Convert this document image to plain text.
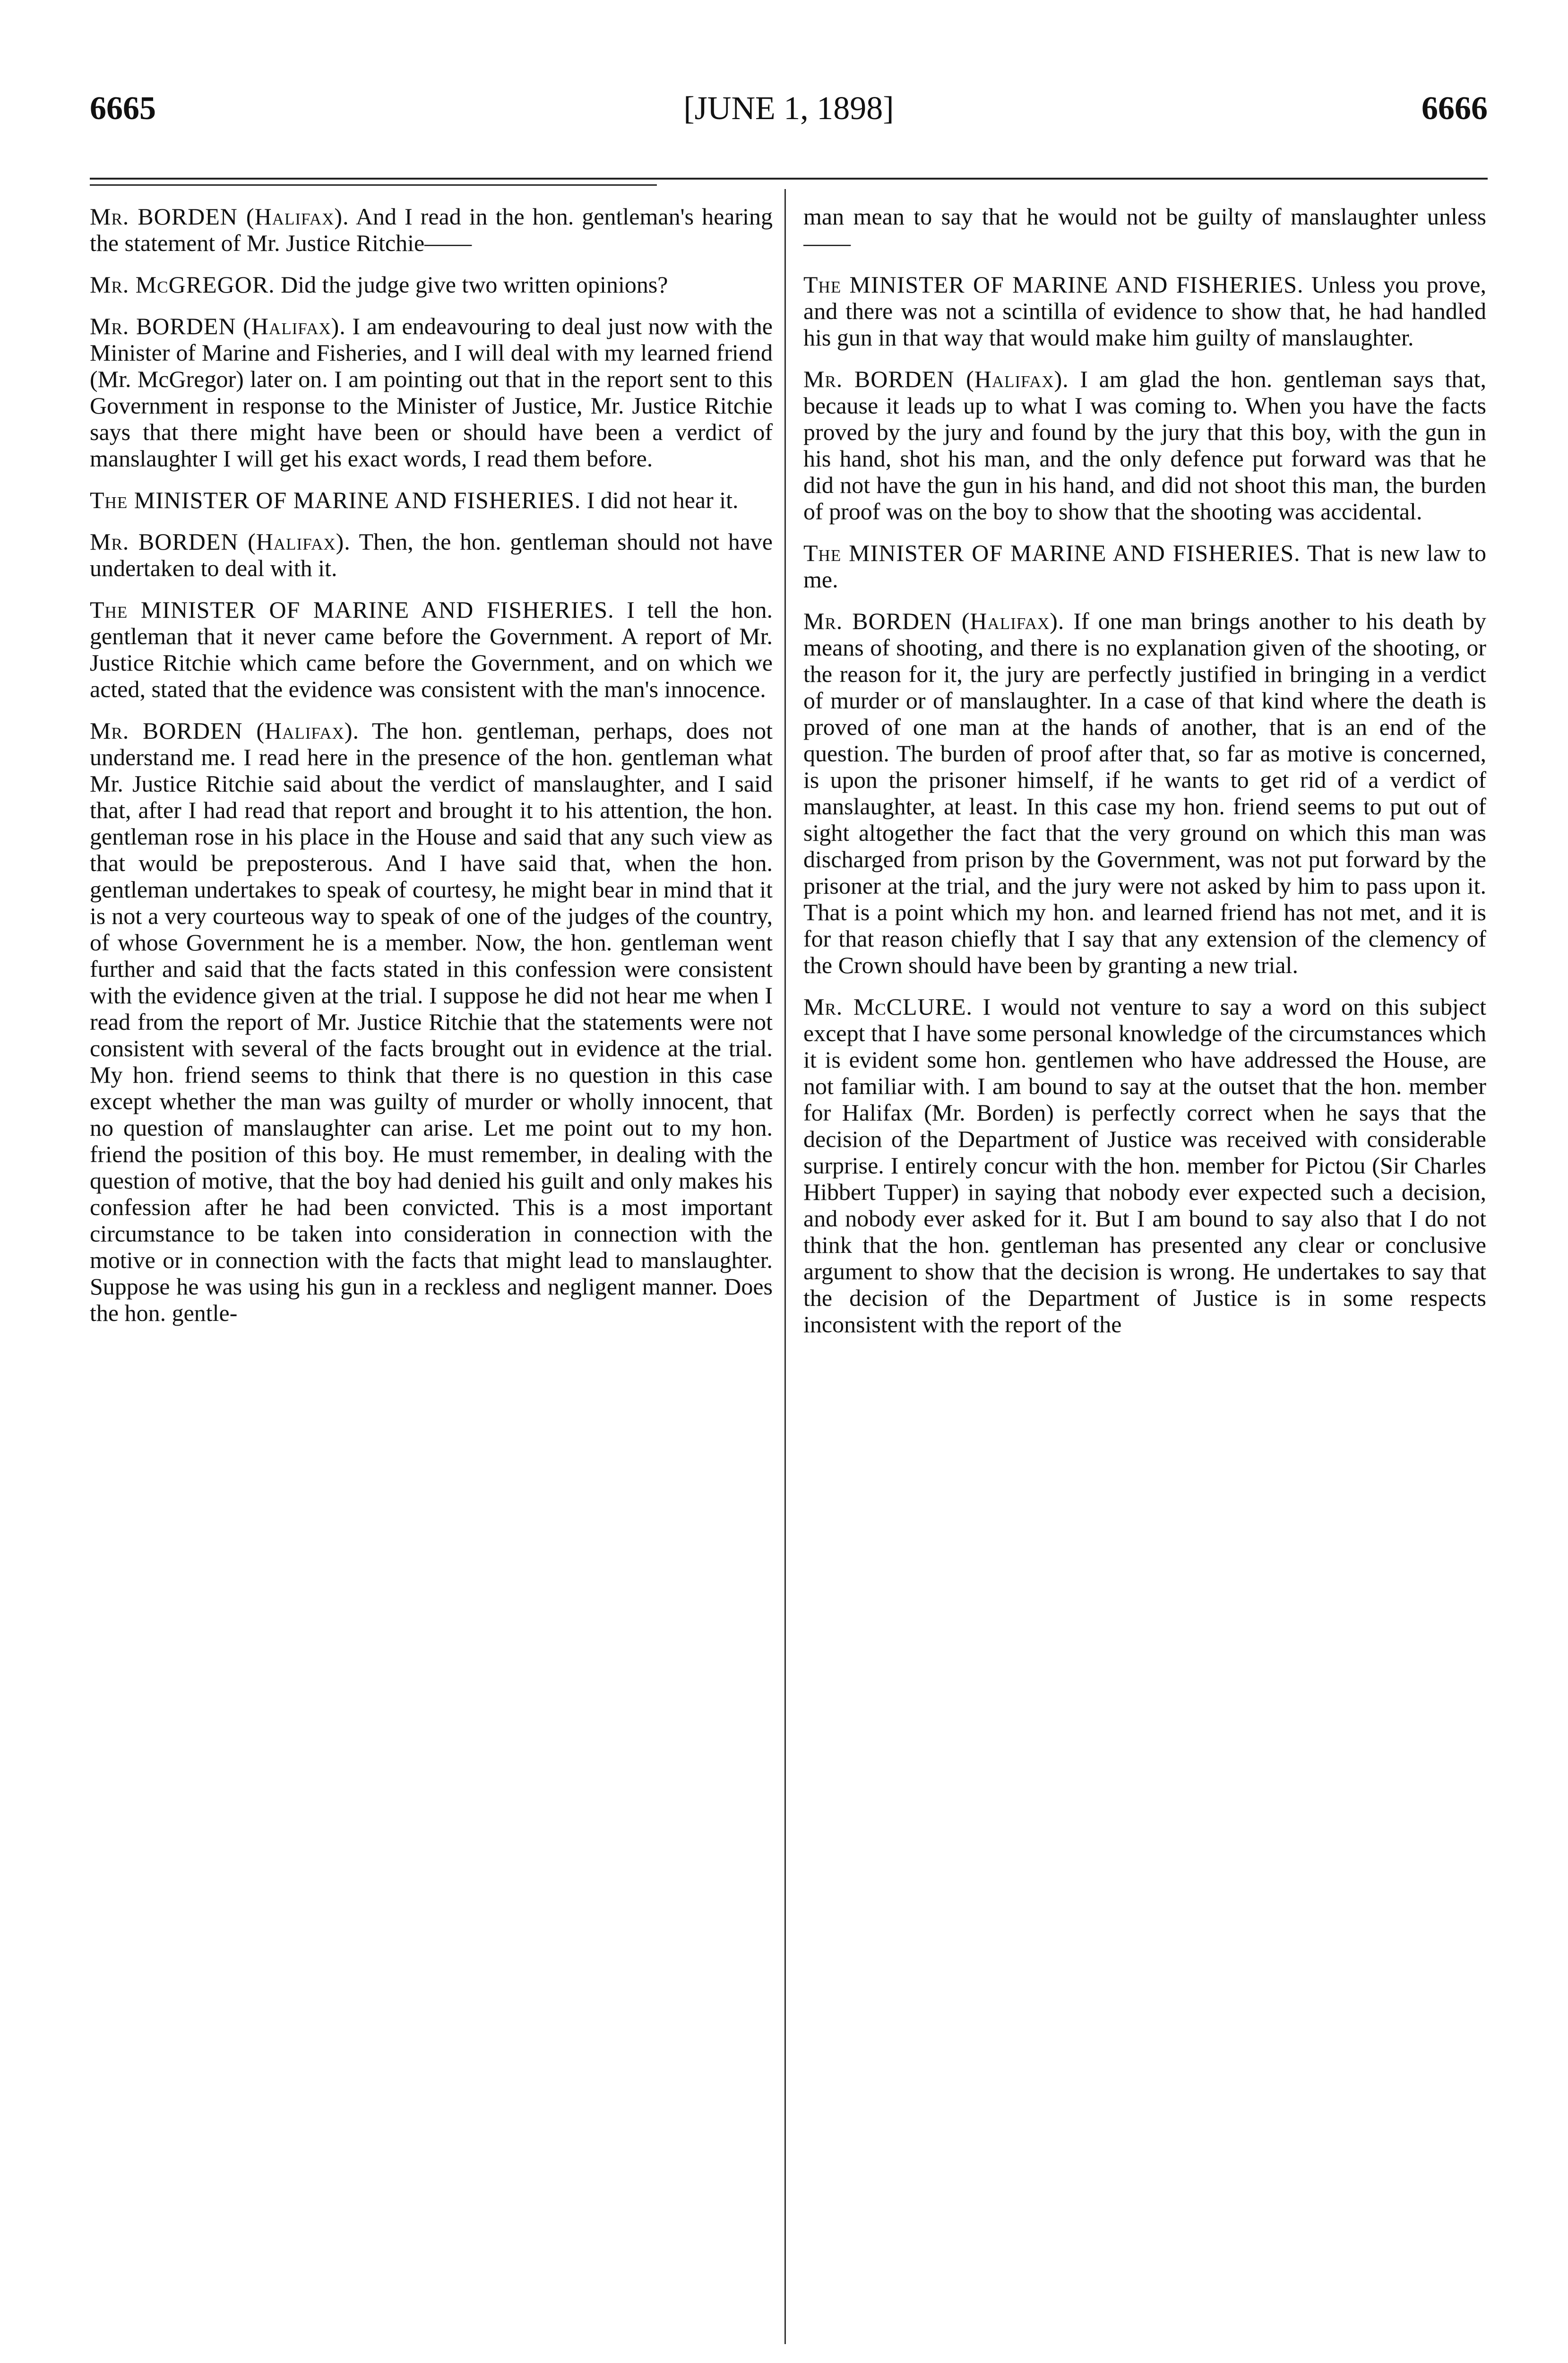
6665	[JUNE 1, 1898]	6666

Mr. BORDEN (Halifax). And I read in the hon. gentleman's hearing the statement of Mr. Justice Ritchie——

Mr. McGREGOR. Did the judge give two written opinions?

Mr. BORDEN (Halifax). I am endeavouring to deal just now with the Minister of Marine and Fisheries, and I will deal with my learned friend (Mr. McGregor) later on. I am pointing out that in the report sent to this Government in response to the Minister of Justice, Mr. Justice Ritchie says that there might have been or should have been a verdict of manslaughter I will get his exact words, I read them before.

The MINISTER OF MARINE AND FISHERIES. I did not hear it.

Mr. BORDEN (Halifax). Then, the hon. gentleman should not have undertaken to deal with it.

The MINISTER OF MARINE AND FISHERIES. I tell the hon. gentleman that it never came before the Government. A report of Mr. Justice Ritchie which came before the Government, and on which we acted, stated that the evidence was consistent with the man's innocence.

Mr. BORDEN (Halifax). The hon. gentleman, perhaps, does not understand me. I read here in the presence of the hon. gentleman what Mr. Justice Ritchie said about the verdict of manslaughter, and I said that, after I had read that report and brought it to his attention, the hon. gentleman rose in his place in the House and said that any such view as that would be preposterous. And I have said that, when the hon. gentleman undertakes to speak of courtesy, he might bear in mind that it is not a very courteous way to speak of one of the judges of the country, of whose Government he is a member. Now, the hon. gentleman went further and said that the facts stated in this confession were consistent with the evidence given at the trial. I suppose he did not hear me when I read from the report of Mr. Justice Ritchie that the statements were not consistent with several of the facts brought out in evidence at the trial. My hon. friend seems to think that there is no question in this case except whether the man was guilty of murder or wholly innocent, that no question of manslaughter can arise. Let me point out to my hon. friend the position of this boy. He must remember, in dealing with the question of motive, that the boy had denied his guilt and only makes his confession after he had been convicted. This is a most important circumstance to be taken into consideration in connection with the motive or in connection with the facts that might lead to manslaughter. Suppose he was using his gun in a reckless and negligent manner. Does the hon. gentle-

man mean to say that he would not be guilty of manslaughter unless——

The MINISTER OF MARINE AND FISHERIES. Unless you prove, and there was not a scintilla of evidence to show that, he had handled his gun in that way that would make him guilty of manslaughter.

Mr. BORDEN (Halifax). I am glad the hon. gentleman says that, because it leads up to what I was coming to. When you have the facts proved by the jury and found by the jury that this boy, with the gun in his hand, shot his man, and the only defence put forward was that he did not have the gun in his hand, and did not shoot this man, the burden of proof was on the boy to show that the shooting was accidental.

The MINISTER OF MARINE AND FISHERIES. That is new law to me.

Mr. BORDEN (Halifax). If one man brings another to his death by means of shooting, and there is no explanation given of the shooting, or the reason for it, the jury are perfectly justified in bringing in a verdict of murder or of manslaughter. In a case of that kind where the death is proved of one man at the hands of another, that is an end of the question. The burden of proof after that, so far as motive is concerned, is upon the prisoner himself, if he wants to get rid of a verdict of manslaughter, at least. In this case my hon. friend seems to put out of sight altogether the fact that the very ground on which this man was discharged from prison by the Government, was not put forward by the prisoner at the trial, and the jury were not asked by him to pass upon it. That is a point which my hon. and learned friend has not met, and it is for that reason chiefly that I say that any extension of the clemency of the Crown should have been by granting a new trial.

Mr. McCLURE. I would not venture to say a word on this subject except that I have some personal knowledge of the circumstances which it is evident some hon. gentlemen who have addressed the House, are not familiar with. I am bound to say at the outset that the hon. member for Halifax (Mr. Borden) is perfectly correct when he says that the decision of the Department of Justice was received with considerable surprise. I entirely concur with the hon. member for Pictou (Sir Charles Hibbert Tupper) in saying that nobody ever expected such a decision, and nobody ever asked for it. But I am bound to say also that I do not think that the hon. gentleman has presented any clear or conclusive argument to show that the decision is wrong. He undertakes to say that the decision of the Department of Justice is in some respects inconsistent with the report of the
